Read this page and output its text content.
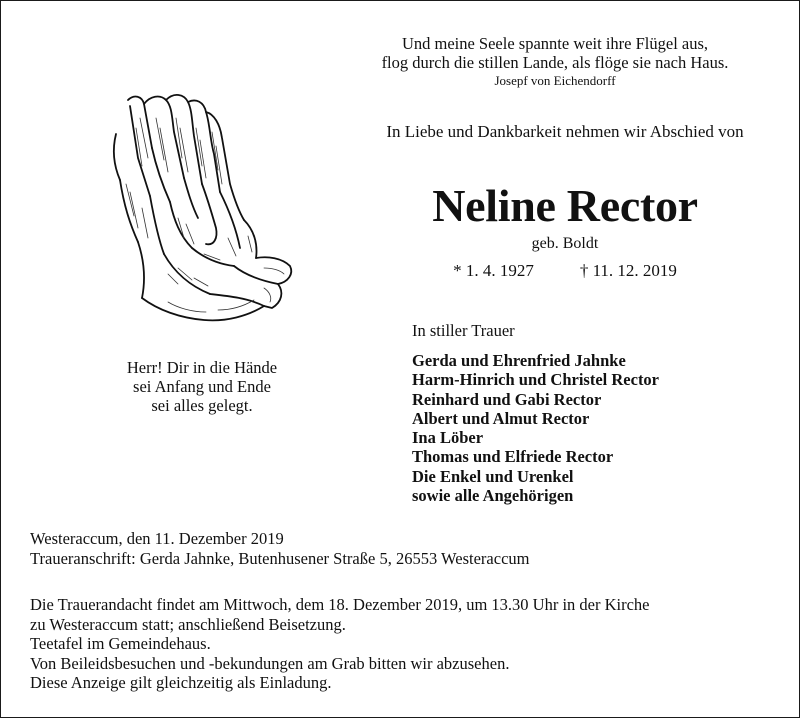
Und meine Seele spannte weit ihre Flügel aus,
flog durch die stillen Lande, als flöge sie nach Haus.
Josepf von Eichendorff
Herr! Dir in die Hände
sei Anfang und Ende
sei alles gelegt.
In Liebe und Dankbarkeit nehmen wir Abschied von
Neline Rector
geb. Boldt
* 1. 4. 1927	† 11. 12. 2019
In stiller Trauer
Gerda und Ehrenfried Jahnke
Harm-Hinrich und Christel Rector
Reinhard und Gabi Rector
Albert und Almut Rector
Ina Löber
Thomas und Elfriede Rector
Die Enkel und Urenkel
sowie alle Angehörigen
Westeraccum, den 11. Dezember 2019
Traueranschrift: Gerda Jahnke, Butenhusener Straße 5, 26553 Westeraccum
Die Trauerandacht findet am Mittwoch, dem 18. Dezember 2019, um 13.30 Uhr in der Kirche
zu Westeraccum statt; anschließend Beisetzung.
Teetafel im Gemeindehaus.
Von Beileidsbesuchen und -bekundungen am Grab bitten wir abzusehen.
Diese Anzeige gilt gleichzeitig als Einladung.
